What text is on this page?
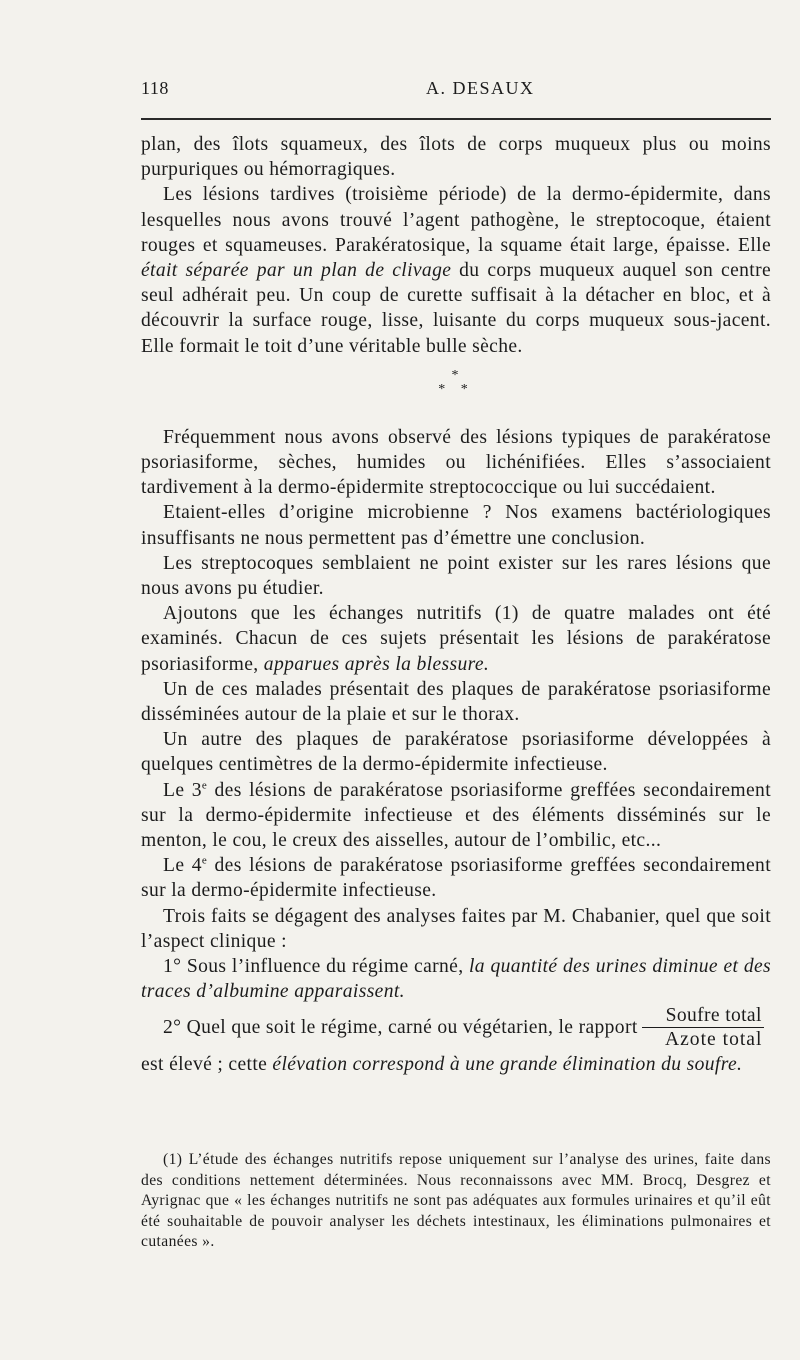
118	A. DESAUX

plan, des îlots squameux, des îlots de corps muqueux plus ou moins purpuriques ou hémorragiques.

Les lésions tardives (troisième période) de la dermo-épidermite, dans lesquelles nous avons trouvé l’agent pathogène, le streptocoque, étaient rouges et squameuses. Parakératosique, la squame était large, épaisse. Elle était séparée par un plan de clivage du corps muqueux auquel son centre seul adhérait peu. Un coup de curette suffisait à la détacher en bloc, et à découvrir la surface rouge, lisse, luisante du corps muqueux sous-jacent. Elle formait le toit d’une véritable bulle sèche.

*
* *

Fréquemment nous avons observé des lésions typiques de parakératose psoriasiforme, sèches, humides ou lichénifiées. Elles s’associaient tardivement à la dermo-épidermite streptococcique ou lui succédaient.

Etaient-elles d’origine microbienne ? Nos examens bactériologiques insuffisants ne nous permettent pas d’émettre une conclusion.

Les streptocoques semblaient ne point exister sur les rares lésions que nous avons pu étudier.

Ajoutons que les échanges nutritifs (1) de quatre malades ont été examinés. Chacun de ces sujets présentait les lésions de parakératose psoriasiforme, apparues après la blessure.

Un de ces malades présentait des plaques de parakératose psoriasiforme disséminées autour de la plaie et sur le thorax.

Un autre des plaques de parakératose psoriasiforme développées à quelques centimètres de la dermo-épidermite infectieuse.

Le 3e des lésions de parakératose psoriasiforme greffées secondairement sur la dermo-épidermite infectieuse et des éléments disséminés sur le menton, le cou, le creux des aisselles, autour de l’ombilic, etc...

Le 4e des lésions de parakératose psoriasiforme greffées secondairement sur la dermo-épidermite infectieuse.

Trois faits se dégagent des analyses faites par M. Chabanier, quel que soit l’aspect clinique :

1° Sous l’influence du régime carné, la quantité des urines diminue et des traces d’albumine apparaissent.

2° Quel que soit le régime, carné ou végétarien, le rapport $\frac{\text{Soufre total}}{\text{Azote total}}$

est élevé ; cette élévation correspond à une grande élimination du soufre.

(1) L’étude des échanges nutritifs repose uniquement sur l’analyse des urines, faite dans des conditions nettement déterminées. Nous reconnaissons avec MM. Brocq, Desgrez et Ayrignac que « les échanges nutritifs ne sont pas adéquates aux formules urinaires et qu’il eût été souhaitable de pouvoir analyser les déchets intestinaux, les éliminations pulmonaires et cutanées ».
